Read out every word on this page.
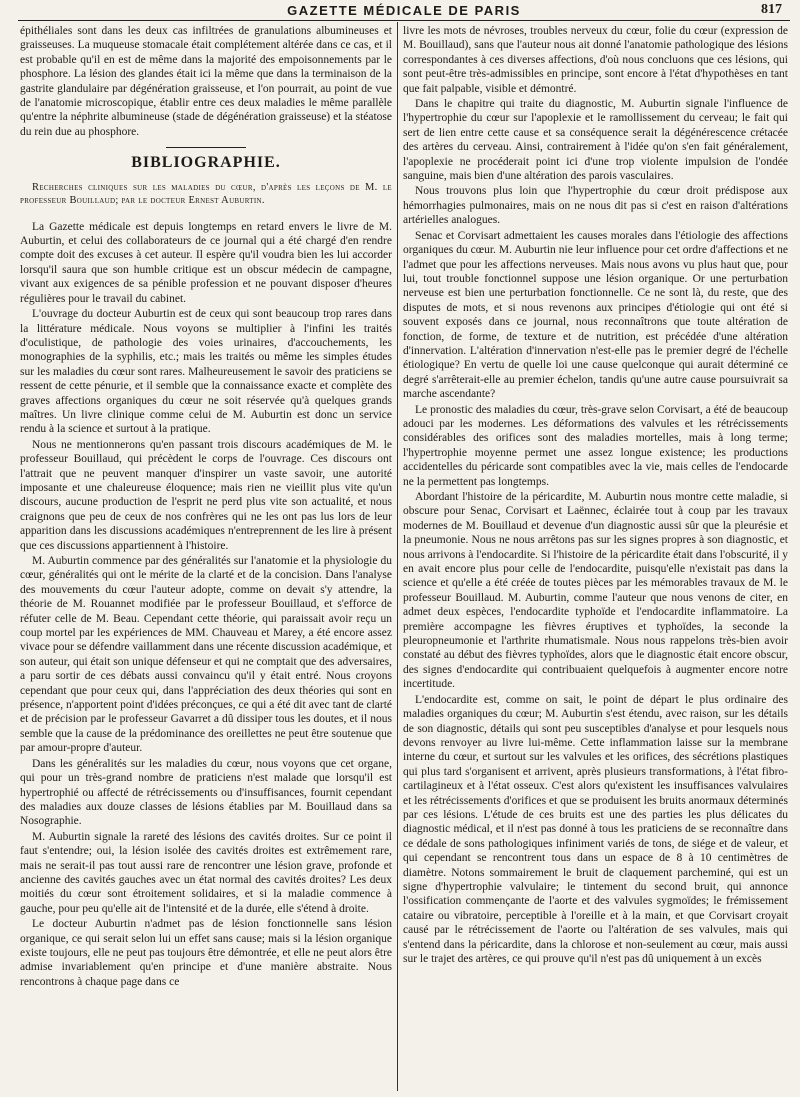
GAZETTE MÉDICALE DE PARIS	817

épithéliales sont dans les deux cas infiltrées de granulations albumineuses et graisseuses. La muqueuse stomacale était complétement altérée dans ce cas, et il est probable qu'il en est de même dans la majorité des empoisonnements par le phosphore. La lésion des glandes était ici la même que dans la terminaison de la gastrite glandulaire par dégénération graisseuse, et l'on pourrait, au point de vue de l'anatomie microscopique, établir entre ces deux maladies le même parallèle qu'entre la néphrite albumineuse (stade de dégénération graisseuse) et la stéatose du rein due au phosphore.

BIBLIOGRAPHIE.

Recherches cliniques sur les maladies du cœur, d'après les leçons de M. le professeur Bouillaud; par le docteur Ernest Auburtin.

La Gazette médicale est depuis longtemps en retard envers le livre de M. Auburtin, et celui des collaborateurs de ce journal qui a été chargé d'en rendre compte doit des excuses à cet auteur. Il espère qu'il voudra bien les lui accorder lorsqu'il saura que son humble critique est un obscur médecin de campagne, vivant aux exigences de sa pénible profession et ne pouvant disposer d'heures régulières pour le travail du cabinet.

L'ouvrage du docteur Auburtin est de ceux qui sont beaucoup trop rares dans la littérature médicale. Nous voyons se multiplier à l'infini les traités d'oculistique, de pathologie des voies urinaires, d'accouchements, les monographies de la syphilis, etc.; mais les traités ou même les simples études sur les maladies du cœur sont rares. Malheureusement le savoir des praticiens se ressent de cette pénurie, et il semble que la connaissance exacte et complète des graves affections organiques du cœur ne soit réservée qu'à quelques grands maîtres. Un livre clinique comme celui de M. Auburtin est donc un service rendu à la science et surtout à la pratique.

Nous ne mentionnerons qu'en passant trois discours académiques de M. le professeur Bouillaud, qui précèdent le corps de l'ouvrage. Ces discours ont l'attrait que ne peuvent manquer d'inspirer un vaste savoir, une autorité imposante et une chaleureuse éloquence; mais rien ne vieillit plus vite qu'un discours, aucune production de l'esprit ne perd plus vite son actualité, et nous craignons que peu de ceux de nos confrères qui ne les ont pas lus lors de leur apparition dans les discussions académiques n'entreprennent de les lire à présent que ces discussions appartiennent à l'histoire.

M. Auburtin commence par des généralités sur l'anatomie et la physiologie du cœur, généralités qui ont le mérite de la clarté et de la concision. Dans l'analyse des mouvements du cœur l'auteur adopte, comme on devait s'y attendre, la théorie de M. Rouannet modifiée par le professeur Bouillaud, et s'efforce de réfuter celle de M. Beau. Cependant cette théorie, qui paraissait avoir reçu un coup mortel par les expériences de MM. Chauveau et Marey, a été encore assez vivace pour se défendre vaillamment dans une récente discussion académique, et son auteur, qui était son unique défenseur et qui ne comptait que des adversaires, a paru sortir de ces débats aussi convaincu qu'il y était entré. Nous croyons cependant que pour ceux qui, dans l'appréciation des deux théories qui sont en présence, n'apportent point d'idées préconçues, ce qui a été dit avec tant de clarté et de précision par le professeur Gavarret a dû dissiper tous les doutes, et il nous semble que la cause de la prédominance des oreillettes ne peut être soutenue que par amour-propre d'auteur.

Dans les généralités sur les maladies du cœur, nous voyons que cet organe, qui pour un très-grand nombre de praticiens n'est malade que lorsqu'il est hypertrophié ou affecté de rétrécissements ou d'insuffisances, fournit cependant des maladies aux douze classes de lésions établies par M. Bouillaud dans sa Nosographie.

M. Auburtin signale la rareté des lésions des cavités droites. Sur ce point il faut s'entendre; oui, la lésion isolée des cavités droites est extrêmement rare, mais ne serait-il pas tout aussi rare de rencontrer une lésion grave, profonde et ancienne des cavités gauches avec un état normal des cavités droites? Les deux moitiés du cœur sont étroitement solidaires, et si la maladie commence à gauche, pour peu qu'elle ait de l'intensité et de la durée, elle s'étend à droite.

Le docteur Auburtin n'admet pas de lésion fonctionnelle sans lésion organique, ce qui serait selon lui un effet sans cause; mais si la lésion organique existe toujours, elle ne peut pas toujours être démontrée, et elle ne peut alors être admise invariablement qu'en principe et d'une manière abstraite. Nous rencontrons à chaque page dans ce

livre les mots de névroses, troubles nerveux du cœur, folie du cœur (expression de M. Bouillaud), sans que l'auteur nous ait donné l'anatomie pathologique des lésions correspondantes à ces diverses affections, d'où nous concluons que ces lésions, qui sont peut-être très-admissibles en principe, sont encore à l'état d'hypothèses en tant que fait palpable, visible et démontré.

Dans le chapitre qui traite du diagnostic, M. Auburtin signale l'influence de l'hypertrophie du cœur sur l'apoplexie et le ramollissement du cerveau; le fait qui sert de lien entre cette cause et sa conséquence serait la dégénérescence crétacée des artères du cerveau. Ainsi, contrairement à l'idée qu'on s'en fait généralement, l'apoplexie ne procéderait point ici d'une trop violente impulsion de l'ondée sanguine, mais bien d'une altération des parois vasculaires.

Nous trouvons plus loin que l'hypertrophie du cœur droit prédispose aux hémorrhagies pulmonaires, mais on ne nous dit pas si c'est en raison d'altérations artérielles analogues.

Senac et Corvisart admettaient les causes morales dans l'étiologie des affections organiques du cœur. M. Auburtin nie leur influence pour cet ordre d'affections et ne l'admet que pour les affections nerveuses. Mais nous avons vu plus haut que, pour lui, tout trouble fonctionnel suppose une lésion organique. Or une perturbation nerveuse est bien une perturbation fonctionnelle. Ce ne sont là, du reste, que des disputes de mots, et si nous revenons aux principes d'étiologie qui ont été si souvent exposés dans ce journal, nous reconnaîtrons que toute altération de fonction, de forme, de texture et de nutrition, est précédée d'une altération d'innervation. L'altération d'innervation n'est-elle pas le premier degré de l'échelle étiologique? En vertu de quelle loi une cause quelconque qui aurait déterminé ce degré s'arrêterait-elle au premier échelon, tandis qu'une autre cause poursuivrait sa marche ascendante?

Le pronostic des maladies du cœur, très-grave selon Corvisart, a été de beaucoup adouci par les modernes. Les déformations des valvules et les rétrécissements considérables des orifices sont des maladies mortelles, mais à long terme; l'hypertrophie moyenne permet une assez longue existence; les productions accidentelles du péricarde sont compatibles avec la vie, mais celles de l'endocarde ne la permettent pas longtemps.

Abordant l'histoire de la péricardite, M. Auburtin nous montre cette maladie, si obscure pour Senac, Corvisart et Laënnec, éclairée tout à coup par les travaux modernes de M. Bouillaud et devenue d'un diagnostic aussi sûr que la pleurésie et la pneumonie. Nous ne nous arrêtons pas sur les signes propres à son diagnostic, et nous arrivons à l'endocardite. Si l'histoire de la péricardite était dans l'obscurité, il y en avait encore plus pour celle de l'endocardite, puisqu'elle n'existait pas dans la science et qu'elle a été créée de toutes pièces par les mémorables travaux de M. le professeur Bouillaud. M. Auburtin, comme l'auteur que nous venons de citer, en admet deux espèces, l'endocardite typhoïde et l'endocardite inflammatoire. La première accompagne les fièvres éruptives et typhoïdes, la seconde la pleuropneumonie et l'arthrite rhumatismale. Nous nous rappelons très-bien avoir constaté au début des fièvres typhoïdes, alors que le diagnostic était encore obscur, des signes d'endocardite qui contribuaient quelquefois à augmenter encore notre incertitude.

L'endocardite est, comme on sait, le point de départ le plus ordinaire des maladies organiques du cœur; M. Auburtin s'est étendu, avec raison, sur les détails de son diagnostic, détails qui sont peu susceptibles d'analyse et pour lesquels nous devons renvoyer au livre lui-même. Cette inflammation laisse sur la membrane interne du cœur, et surtout sur les valvules et les orifices, des sécrétions plastiques qui plus tard s'organisent et arrivent, après plusieurs transformations, à l'état fibro-cartilagineux et à l'état osseux. C'est alors qu'existent les insuffisances valvulaires et les rétrécissements d'orifices et que se produisent les bruits anormaux déterminés par ces lésions. L'étude de ces bruits est une des parties les plus délicates du diagnostic médical, et il n'est pas donné à tous les praticiens de se reconnaître dans ce dédale de sons pathologiques infiniment variés de tons, de siége et de valeur, et qui cependant se rencontrent tous dans un espace de 8 à 10 centimètres de diamètre. Notons sommairement le bruit de claquement parcheminé, qui est un signe d'hypertrophie valvulaire; le tintement du second bruit, qui annonce l'ossification commençante de l'aorte et des valvules sygmoïdes; le frémissement cataire ou vibratoire, perceptible à l'oreille et à la main, et que Corvisart croyait causé par le rétrécissement de l'aorte ou l'altération de ses valvules, mais qui s'entend dans la péricardite, dans la chlorose et non-seulement au cœur, mais aussi sur le trajet des artères, ce qui prouve qu'il n'est pas dû uniquement à un excès
